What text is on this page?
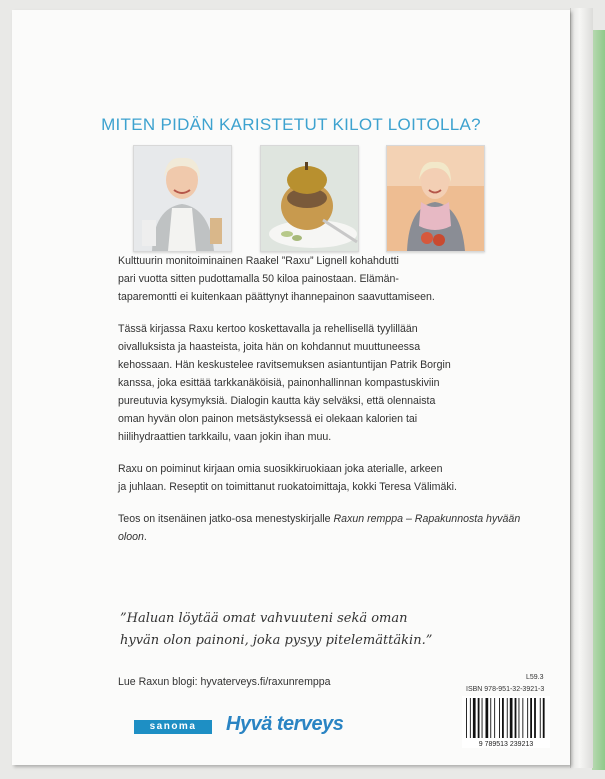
MITEN PIDÄN KARISTETUT KILOT LOITOLLA?

Kulttuurin monitoiminainen Raakel ”Raxu” Lignell kohahdutti
pari vuotta sitten pudottamalla 50 kiloa painostaan. Elämän-
taparemontti ei kuitenkaan päättynyt ihannepainon saavuttamiseen.

Tässä kirjassa Raxu kertoo koskettavalla ja rehellisellä tyylillään
oivalluksista ja haasteista, joita hän on kohdannut muuttuneessa
kehossaan. Hän keskustelee ravitsemuksen asiantuntijan Patrik Borgin
kanssa, joka esittää tarkkanäköisiä, painonhallinnan kompastuskiviin
pureutuvia kysymyksiä. Dialogin kautta käy selväksi, että olennaista
oman hyvän olon painon metsästyksessä ei olekaan kalorien tai
hiilihydraattien tarkkailu, vaan jokin ihan muu.

Raxu on poiminut kirjaan omia suosikkiruokiaan joka aterialle, arkeen
ja juhlaan. Reseptit on toimittanut ruokatoimittaja, kokki Teresa Välimäki.

Teos on itsenäinen jatko-osa menestyskirjalle Raxun remppa – Rapakunnosta hyvään oloon.

”Haluan löytää omat vahvuuteni sekä oman
hyvän olon painoni, joka pysyy pitelemättäkin.”
Lue Raxun blogi: hyvaterveys.fi/raxunremppa	L59.3
ISBN 978-951-32-3921-3
9 789513 239213
sanoma	Hyvä terveys
